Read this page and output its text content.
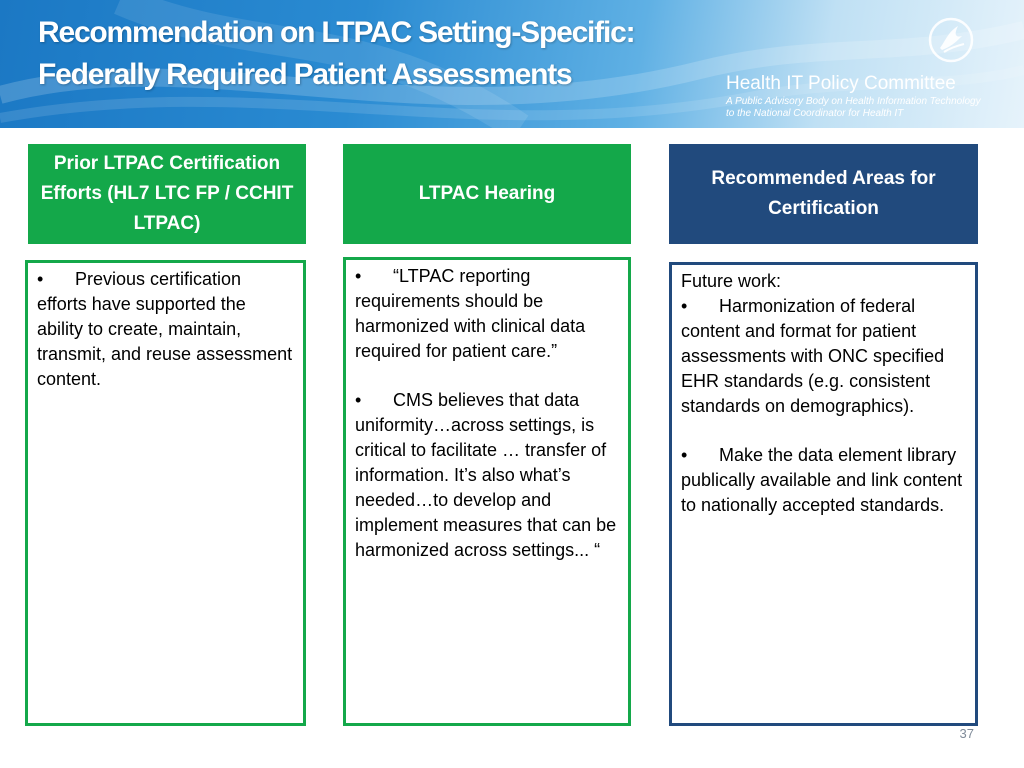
Recommendation on LTPAC Setting-Specific:
Federally Required Patient Assessments	Health IT Policy Committee
A Public Advisory Body on Health Information Technology
to the National Coordinator for Health IT
Prior LTPAC Certification Efforts (HL7 LTC FP / CCHIT LTPAC)

• Previous certification efforts have supported the ability to create, maintain, transmit, and reuse assessment content.

LTPAC Hearing

• “LTPAC reporting requirements should be harmonized with clinical data required for patient care.”

• CMS believes that data uniformity…across settings, is critical to facilitate … transfer of information. It’s also what’s needed…to develop and implement measures that can be harmonized across settings... “

Recommended Areas for Certification

Future work:

• Harmonization of federal content and format for patient assessments with ONC specified EHR standards (e.g. consistent standards on demographics).

• Make the data element library publically available and link content to nationally accepted standards.

37
